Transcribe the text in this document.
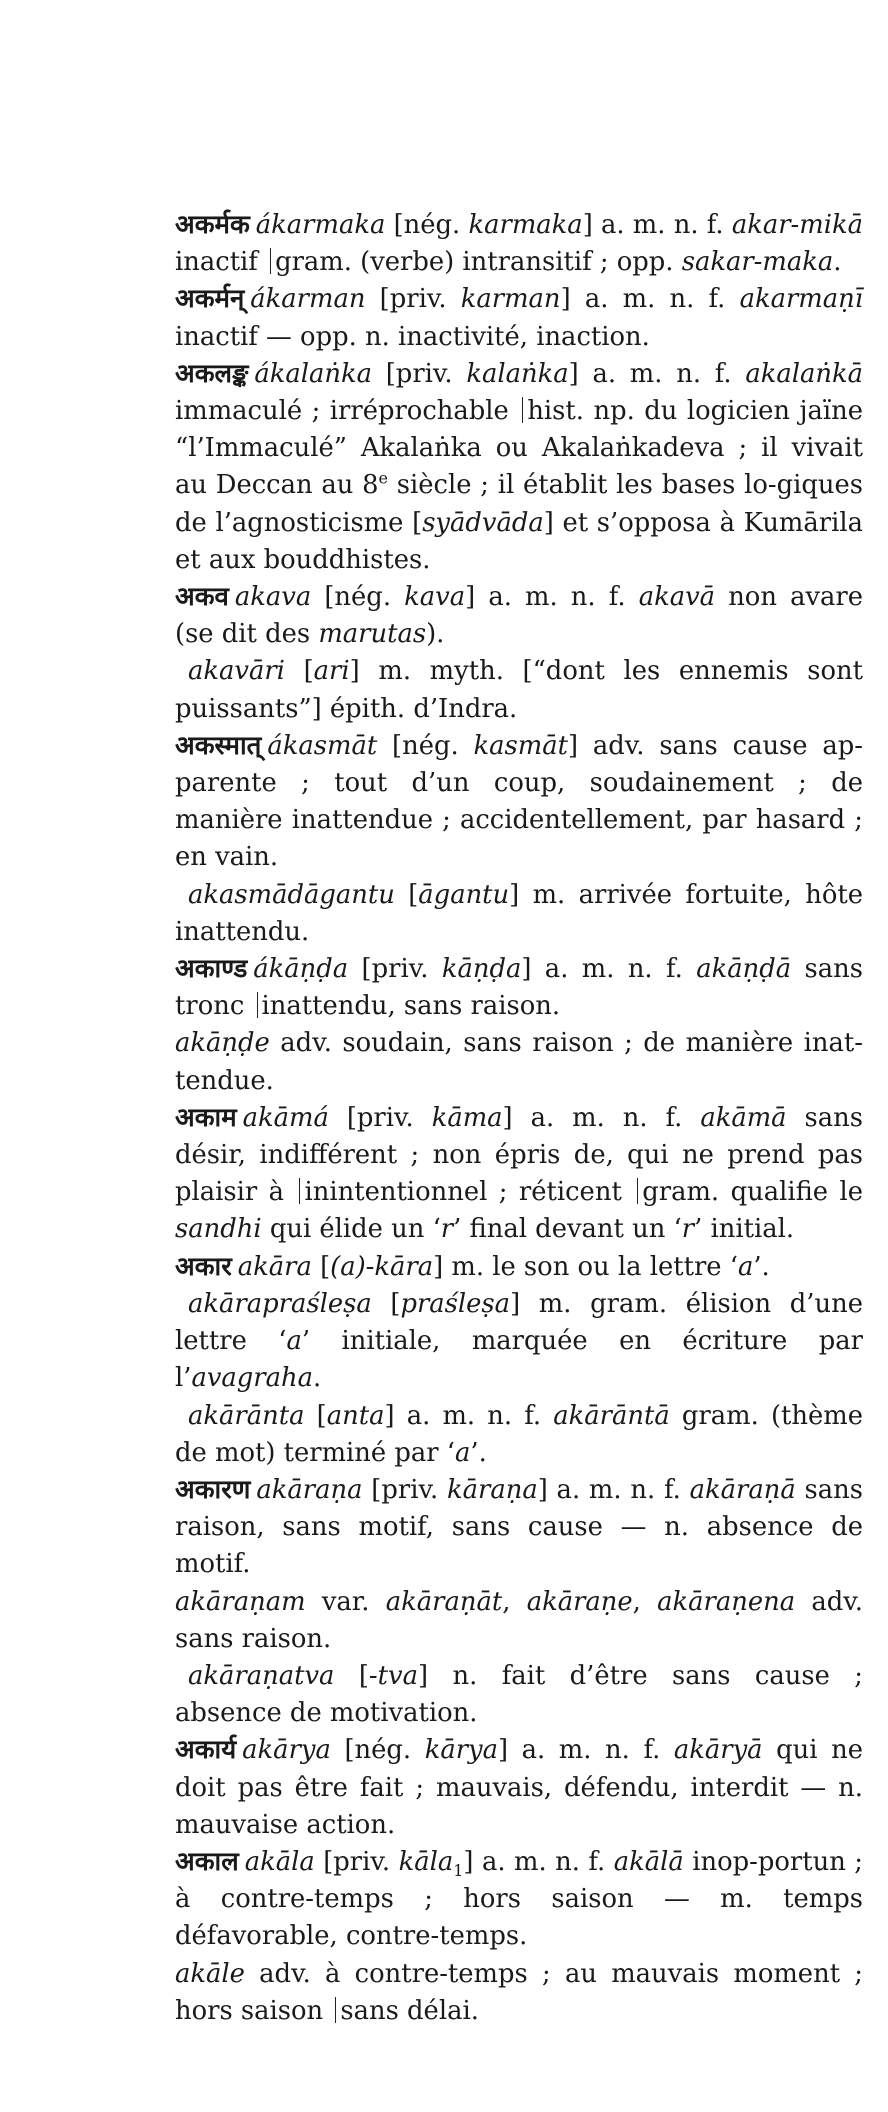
अकर्मक ákarmaka [nég. karmaka] a. m. n. f. akar-mikā inactif gram. (verbe) intransitif ; opp. sakar-maka.

अकर्मन् ákarman [priv. karman] a. m. n. f. akarmaṇī inactif — opp. n. inactivité, inaction.

अकलङ्क ákalaṅka [priv. kalaṅka] a. m. n. f. akalaṅkā immaculé ; irréprochable hist. np. du logicien jaïne “l’Immaculé” Akalaṅka ou Akalaṅkadeva ; il vivait au Deccan au 8e siècle ; il établit les bases lo-giques de l’agnosticisme [syādvāda] et s’opposa à Kumārila et aux bouddhistes.

अकव akava [nég. kava] a. m. n. f. akavā non avare (se dit des marutas).

akavāri [ari] m. myth. [“dont les ennemis sont puissants”] épith. d’Indra.

अकस्मात् ákasmāt [nég. kasmāt] adv. sans cause ap-parente ; tout d’un coup, soudainement ; de manière inattendue ; accidentellement, par hasard ; en vain.

akasmādāgantu [āgantu] m. arrivée fortuite, hôte inattendu.

अकाण्ड ákāṇḍa [priv. kāṇḍa] a. m. n. f. akāṇḍā sans tronc inattendu, sans raison.

akāṇḍe adv. soudain, sans raison ; de manière inat-tendue.

अकाम akāmá [priv. kāma] a. m. n. f. akāmā sans désir, indifférent ; non épris de, qui ne prend pas plaisir à inintentionnel ; réticent gram. qualifie le sandhi qui élide un ‘r’ final devant un ‘r’ initial.

अकार akāra [(a)-kāra] m. le son ou la lettre ‘a’.

akārapraśleṣa [praśleṣa] m. gram. élision d’une lettre ‘a’ initiale, marquée en écriture par l’avagraha.

akārānta [anta] a. m. n. f. akārāntā gram. (thème de mot) terminé par ‘a’.

अकारण akāraṇa [priv. kāraṇa] a. m. n. f. akāraṇā sans raison, sans motif, sans cause — n. absence de motif.

akāraṇam var. akāraṇāt, akāraṇe, akāraṇena adv. sans raison.

akāraṇatva [-tva] n. fait d’être sans cause ; absence de motivation.

अकार्य akārya [nég. kārya] a. m. n. f. akāryā qui ne doit pas être fait ; mauvais, défendu, interdit — n. mauvaise action.

अकाल akāla [priv. kāla$_1$] a. m. n. f. akālā inop-portun ; à contre-temps ; hors saison — m. temps défavorable, contre-temps.

akāle adv. à contre-temps ; au mauvais moment ; hors saison sans délai.
